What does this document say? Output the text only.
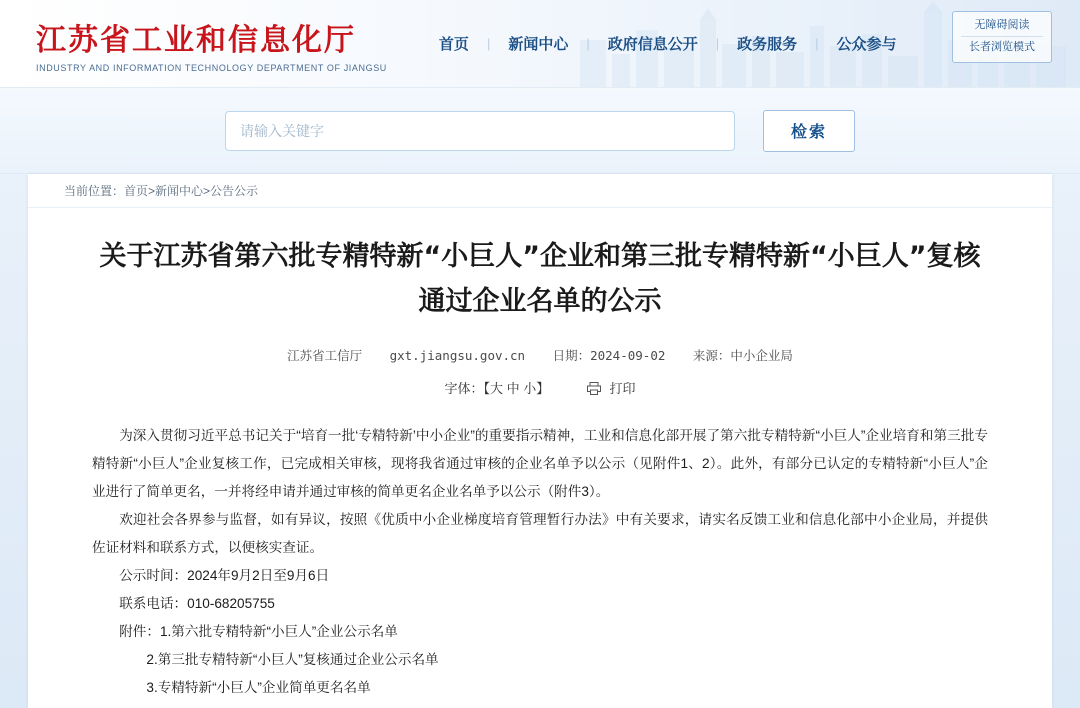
江苏省工业和信息化厅
INDUSTRY AND INFORMATION TECHNOLOGY DEPARTMENT OF JIANGSU
首页	|	新闻中心	|	政府信息公开	|	政务服务	|	公众参与
无障碍阅读
长者浏览模式
请输入关键字
检索
当前位置：首页>新闻中心>公告公示
关于江苏省第六批专精特新“小巨人”企业和第三批专精特新“小巨人”复核通过企业名单的公示
江苏省工信厅 gxt.jiangsu.gov.cn 日期：2024-09-02 来源：中小企业局
字体：【大 中 小】	打印

为深入贯彻习近平总书记关于“培育一批‘专精特新’中小企业”的重要指示精神，工业和信息化部开展了第六批专精特新“小巨人”企业培育和第三批专精特新“小巨人”企业复核工作，已完成相关审核，现将我省通过审核的企业名单予以公示（见附件1、2）。此外，有部分已认定的专精特新“小巨人”企业进行了简单更名，一并将经申请并通过审核的简单更名企业名单予以公示（附件3）。

欢迎社会各界参与监督，如有异议，按照《优质中小企业梯度培育管理暂行办法》中有关要求，请实名反馈工业和信息化部中小企业局，并提供佐证材料和联系方式，以便核实查证。

公示时间：2024年9月2日至9月6日

联系电话：010-68205755

附件：1.第六批专精特新“小巨人”企业公示名单

2.第三批专精特新“小巨人”复核通过企业公示名单

3.专精特新“小巨人”企业简单更名名单
